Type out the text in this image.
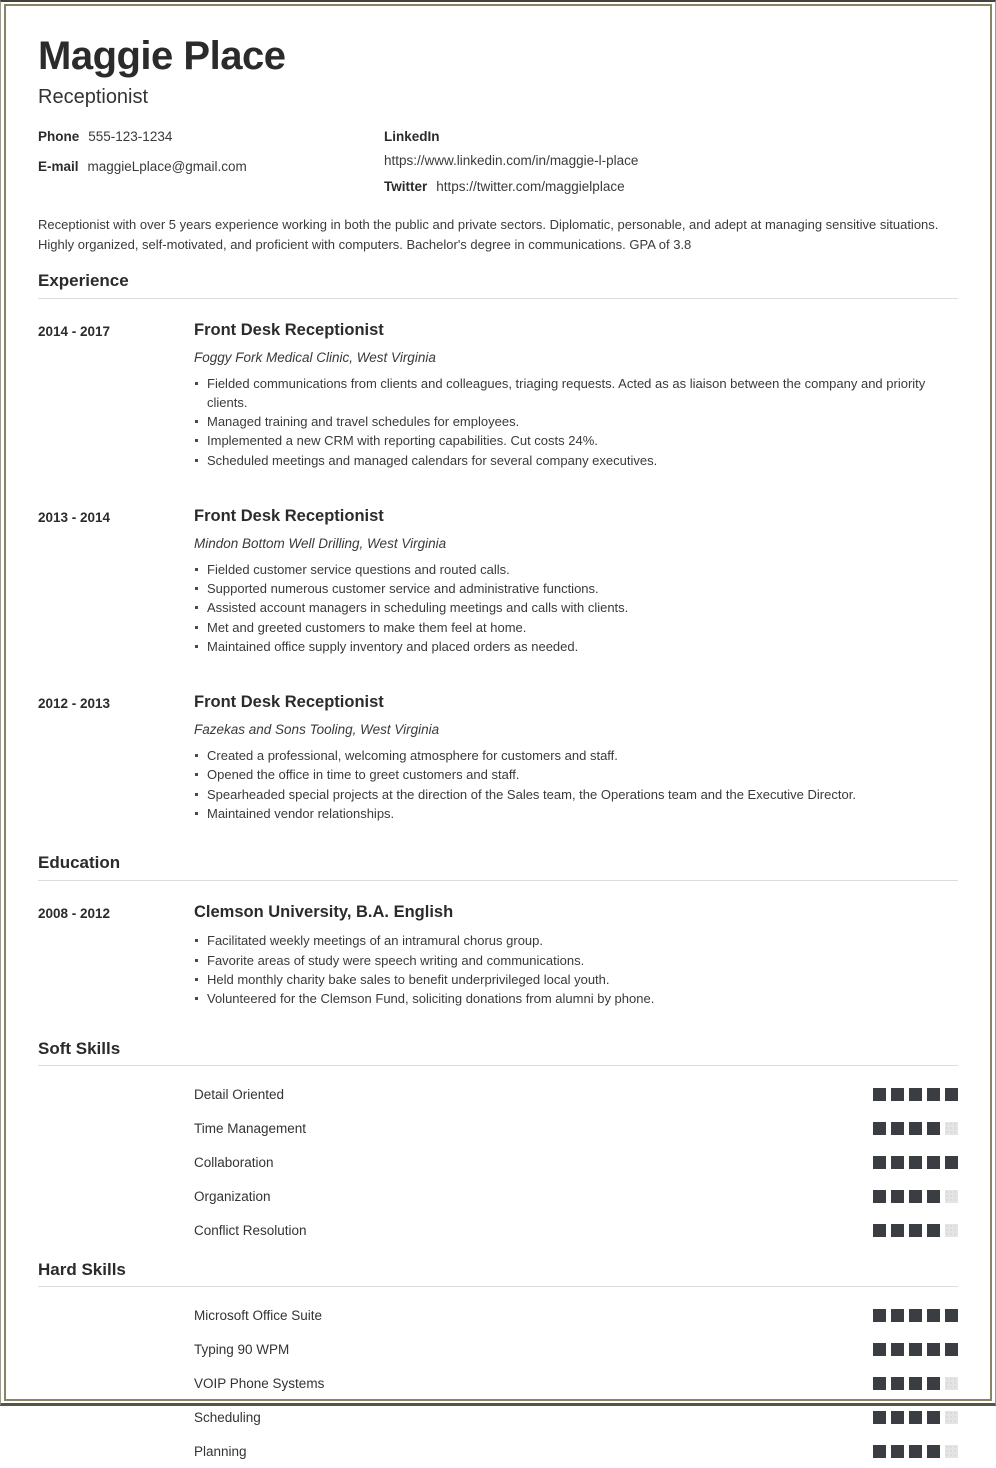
Maggie Place
Receptionist
Phone 555-123-1234
E-mail maggieLplace@gmail.com
LinkedIn
https://www.linkedin.com/in/maggie-l-place
Twitter https://twitter.com/maggielplace

Receptionist with over 5 years experience working in both the public and private sectors. Diplomatic, personable, and adept at managing sensitive situations. Highly organized, self-motivated, and proficient with computers. Bachelor's degree in communications. GPA of 3.8

Experience
2014 - 2017	Front Desk Receptionist
Foggy Fork Medical Clinic, West Virginia
Fielded communications from clients and colleagues, triaging requests. Acted as as liaison between the company and priority clients.
Managed training and travel schedules for employees.
Implemented a new CRM with reporting capabilities. Cut costs 24%.
Scheduled meetings and managed calendars for several company executives.
2013 - 2014	Front Desk Receptionist
Mindon Bottom Well Drilling, West Virginia
Fielded customer service questions and routed calls.
Supported numerous customer service and administrative functions.
Assisted account managers in scheduling meetings and calls with clients.
Met and greeted customers to make them feel at home.
Maintained office supply inventory and placed orders as needed.
2012 - 2013	Front Desk Receptionist
Fazekas and Sons Tooling, West Virginia
Created a professional, welcoming atmosphere for customers and staff.
Opened the office in time to greet customers and staff.
Spearheaded special projects at the direction of the Sales team, the Operations team and the Executive Director.
Maintained vendor relationships.
Education
2008 - 2012	Clemson University, B.A. English
Facilitated weekly meetings of an intramural chorus group.
Favorite areas of study were speech writing and communications.
Held monthly charity bake sales to benefit underprivileged local youth.
Volunteered for the Clemson Fund, soliciting donations from alumni by phone.
Soft Skills
Detail Oriented
Time Management
Collaboration
Organization
Conflict Resolution
Hard Skills
Microsoft Office Suite
Typing 90 WPM
VOIP Phone Systems
Scheduling
Planning
